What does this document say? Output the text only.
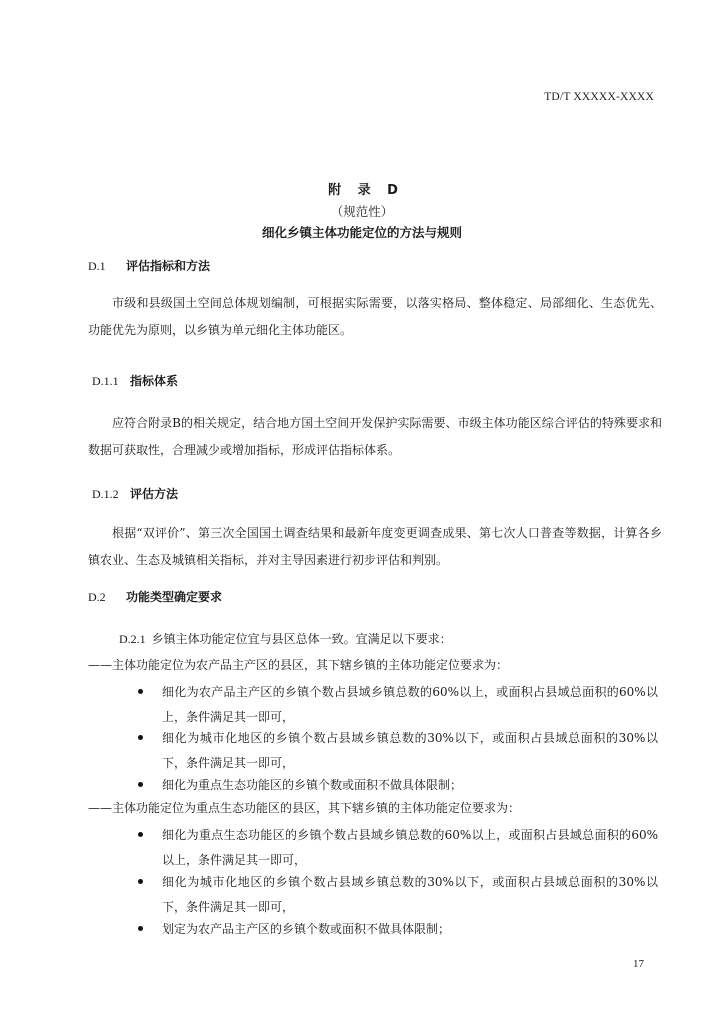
TD/T XXXXX-XXXX
附 录 D
（规范性）
细化乡镇主体功能定位的方法与规则
D.1 评估指标和方法
市级和县级国土空间总体规划编制，可根据实际需要，以落实格局、整体稳定、局部细化、生态优先、功能优先为原则，以乡镇为单元细化主体功能区。
D.1.1 指标体系
应符合附录B的相关规定，结合地方国土空间开发保护实际需要、市级主体功能区综合评估的特殊要求和数据可获取性，合理减少或增加指标，形成评估指标体系。
D.1.2 评估方法
根据“双评价”、第三次全国国土调查结果和最新年度变更调查成果、第七次人口普查等数据，计算各乡镇农业、生态及城镇相关指标，并对主导因素进行初步评估和判别。
D.2 功能类型确定要求
D.2.1 乡镇主体功能定位宜与县区总体一致。宜满足以下要求：
——主体功能定位为农产品主产区的县区，其下辖乡镇的主体功能定位要求为：
细化为农产品主产区的乡镇个数占县域乡镇总数的60%以上，或面积占县域总面积的60%以上，条件满足其一即可，
细化为城市化地区的乡镇个数占县域乡镇总数的30%以下，或面积占县域总面积的30%以下，条件满足其一即可，
细化为重点生态功能区的乡镇个数或面积不做具体限制；
——主体功能定位为重点生态功能区的县区，其下辖乡镇的主体功能定位要求为：
细化为重点生态功能区的乡镇个数占县域乡镇总数的60%以上，或面积占县域总面积的60%以上，条件满足其一即可，
细化为城市化地区的乡镇个数占县域乡镇总数的30%以下，或面积占县域总面积的30%以下，条件满足其一即可，
划定为农产品主产区的乡镇个数或面积不做具体限制；
17
